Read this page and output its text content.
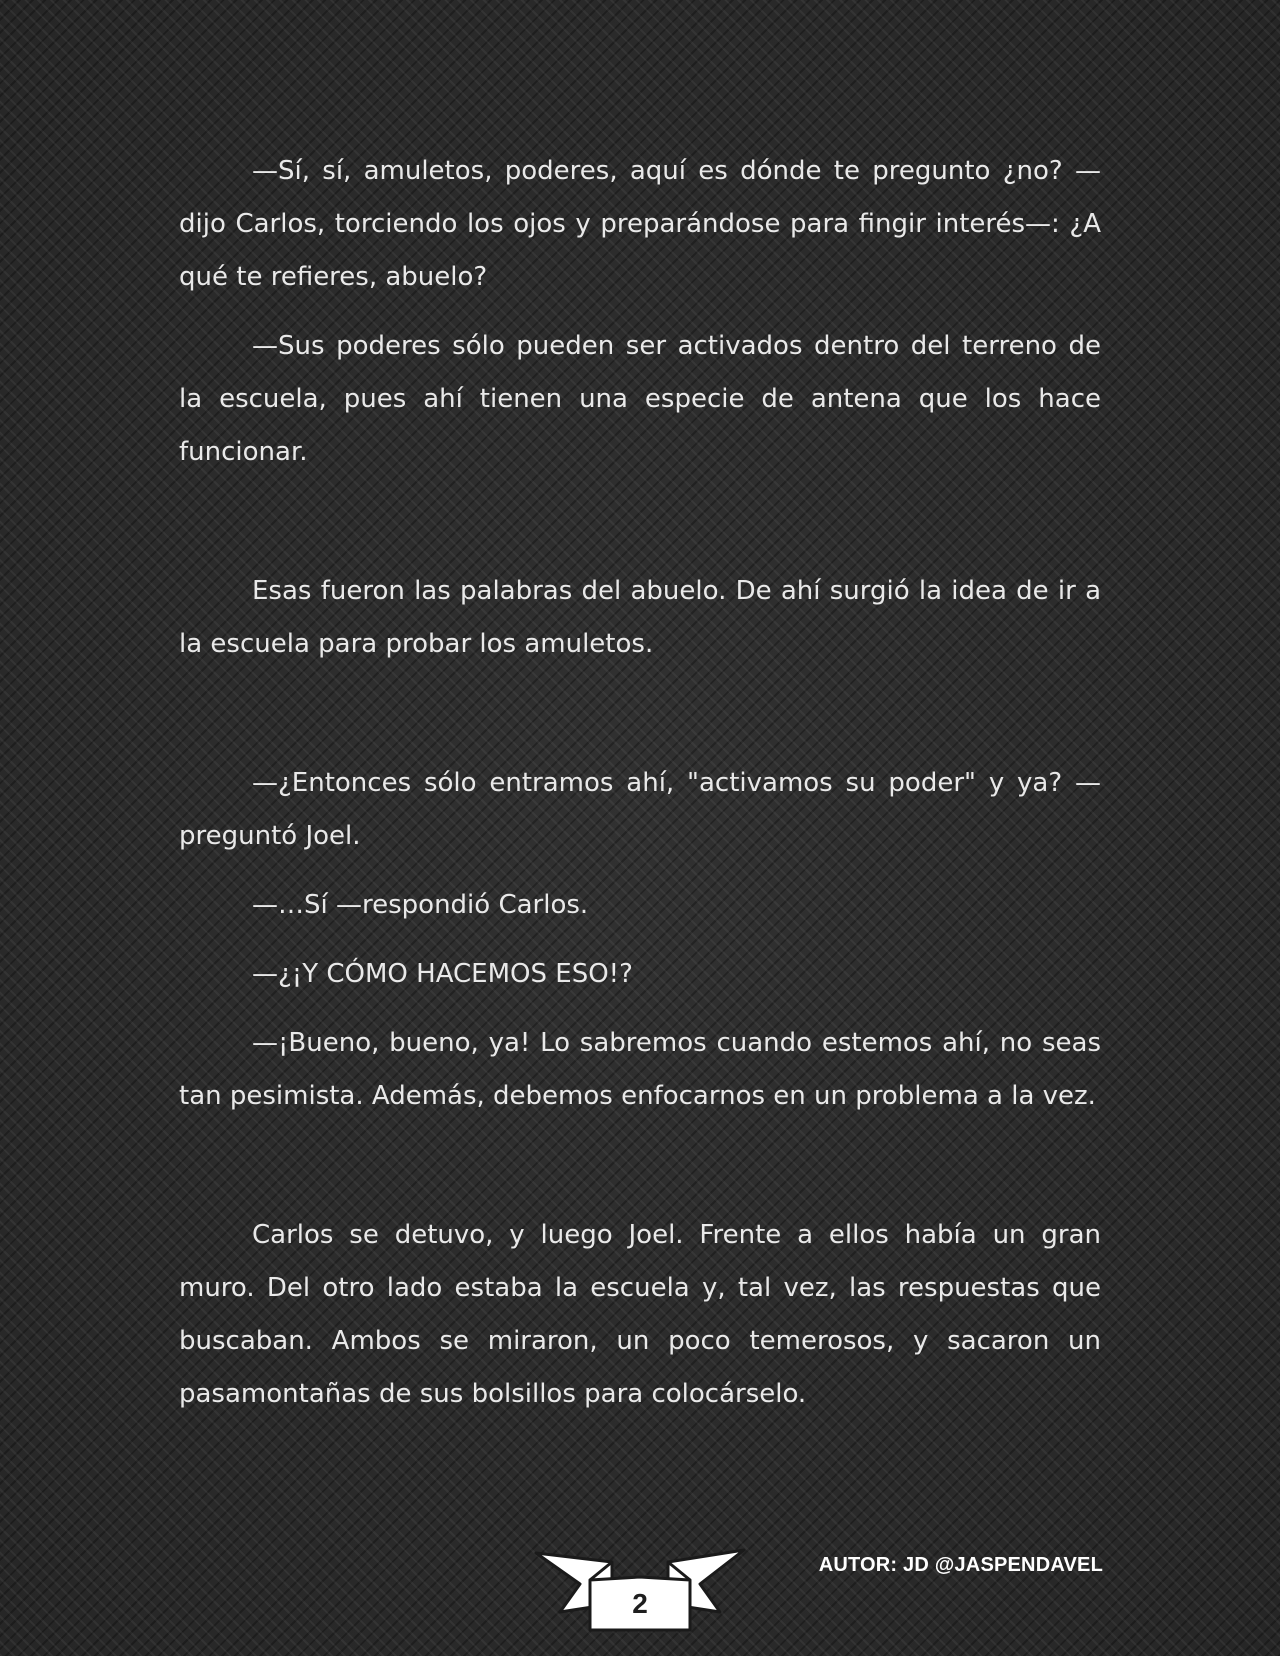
—Sí, sí, amuletos, poderes, aquí es dónde te pregunto ¿no? —dijo Carlos, torciendo los ojos y preparándose para fingir interés—: ¿A qué te refieres, abuelo?

—Sus poderes sólo pueden ser activados dentro del terreno de la escuela, pues ahí tienen una especie de antena que los hace funcionar.

Esas fueron las palabras del abuelo. De ahí surgió la idea de ir a la escuela para probar los amuletos.

—¿Entonces sólo entramos ahí, "activamos su poder" y ya? —preguntó Joel.

—…Sí —respondió Carlos.

—¿¡Y CÓMO HACEMOS ESO!?

—¡Bueno, bueno, ya! Lo sabremos cuando estemos ahí, no seas tan pesimista. Además, debemos enfocarnos en un problema a la vez.

Carlos se detuvo, y luego Joel. Frente a ellos había un gran muro. Del otro lado estaba la escuela y, tal vez, las respuestas que buscaban. Ambos se miraron, un poco temerosos, y sacaron un pasamontañas de sus bolsillos para colocárselo.

2
AUTOR: JD @JASPENDAVEL
